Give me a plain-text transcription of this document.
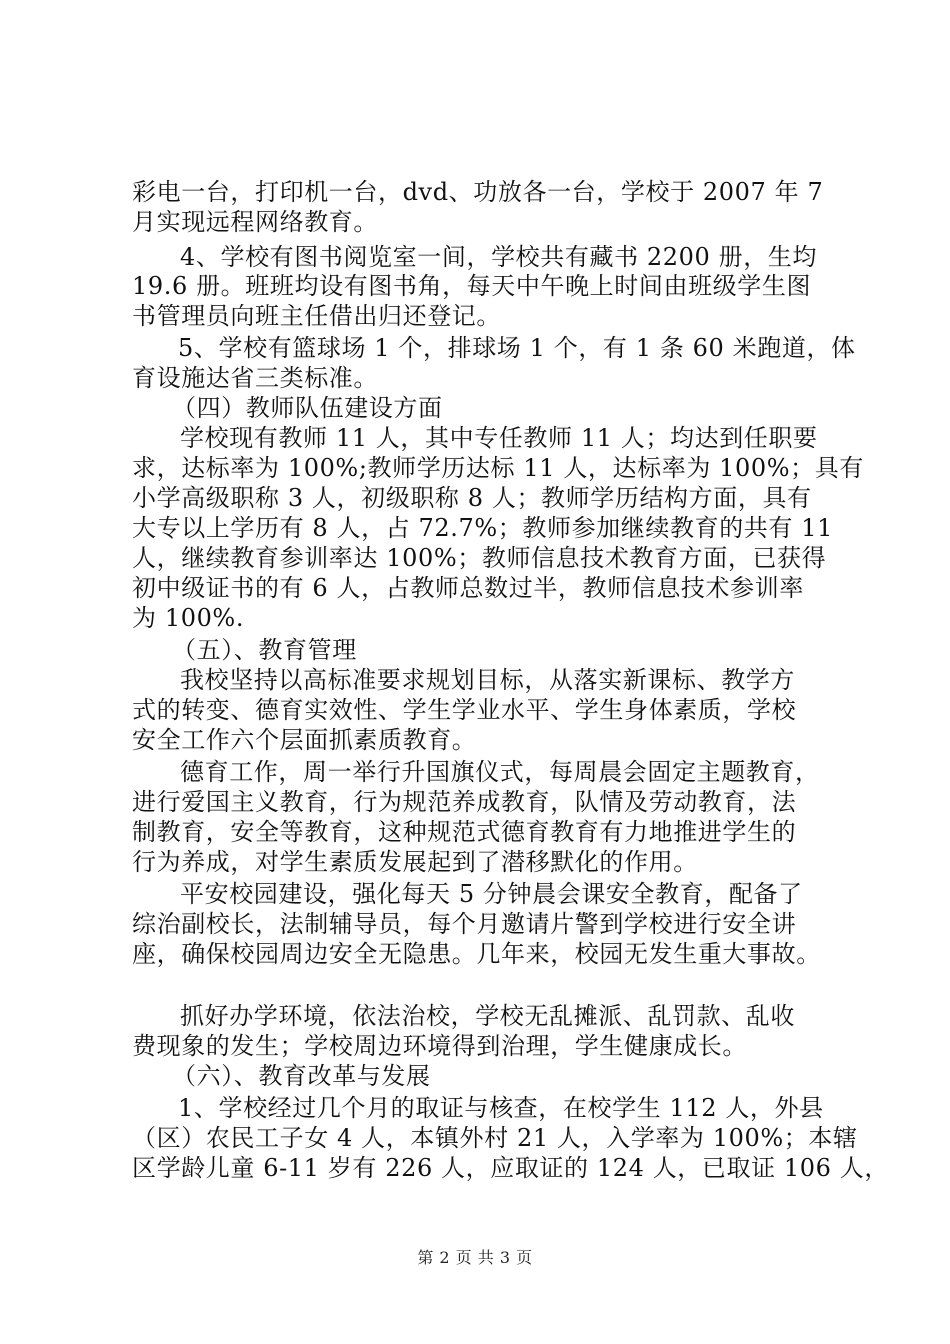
彩电一台，打印机一台，dvd、功放各一台，学校于 2007 年 7
月实现远程网络教育。
4、学校有图书阅览室一间，学校共有藏书 2200 册，生均
19.6 册。班班均设有图书角，每天中午晚上时间由班级学生图
书管理员向班主任借出归还登记。
5、学校有篮球场 1 个，排球场 1 个，有 1 条 60 米跑道，体
育设施达省三类标准。
（四）教师队伍建设方面
学校现有教师 11 人，其中专任教师 11 人；均达到任职要
求，达标率为 100%;教师学历达标 11 人，达标率为 100%；具有
小学高级职称 3 人，初级职称 8 人；教师学历结构方面，具有
大专以上学历有 8 人，占 72.7%；教师参加继续教育的共有 11
人，继续教育参训率达 100%；教师信息技术教育方面，已获得
初中级证书的有 6 人，占教师总数过半，教师信息技术参训率
为 100%.
（五）、教育管理
我校坚持以高标准要求规划目标，从落实新课标、教学方
式的转变、德育实效性、学生学业水平、学生身体素质，学校
安全工作六个层面抓素质教育。
德育工作，周一举行升国旗仪式，每周晨会固定主题教育，
进行爱国主义教育，行为规范养成教育，队情及劳动教育，法
制教育，安全等教育，这种规范式德育教育有力地推进学生的
行为养成，对学生素质发展起到了潜移默化的作用。
平安校园建设，强化每天 5 分钟晨会课安全教育，配备了
综治副校长，法制辅导员，每个月邀请片警到学校进行安全讲
座，确保校园周边安全无隐患。几年来，校园无发生重大事故。
抓好办学环境，依法治校，学校无乱摊派、乱罚款、乱收
费现象的发生；学校周边环境得到治理，学生健康成长。
（六）、教育改革与发展
1、学校经过几个月的取证与核查，在校学生 112 人，外县
（区）农民工子女 4 人，本镇外村 21 人，入学率为 100%；本辖
区学龄儿童 6-11 岁有 226 人，应取证的 124 人，已取证 106 人，
第 2 页 共 3 页
